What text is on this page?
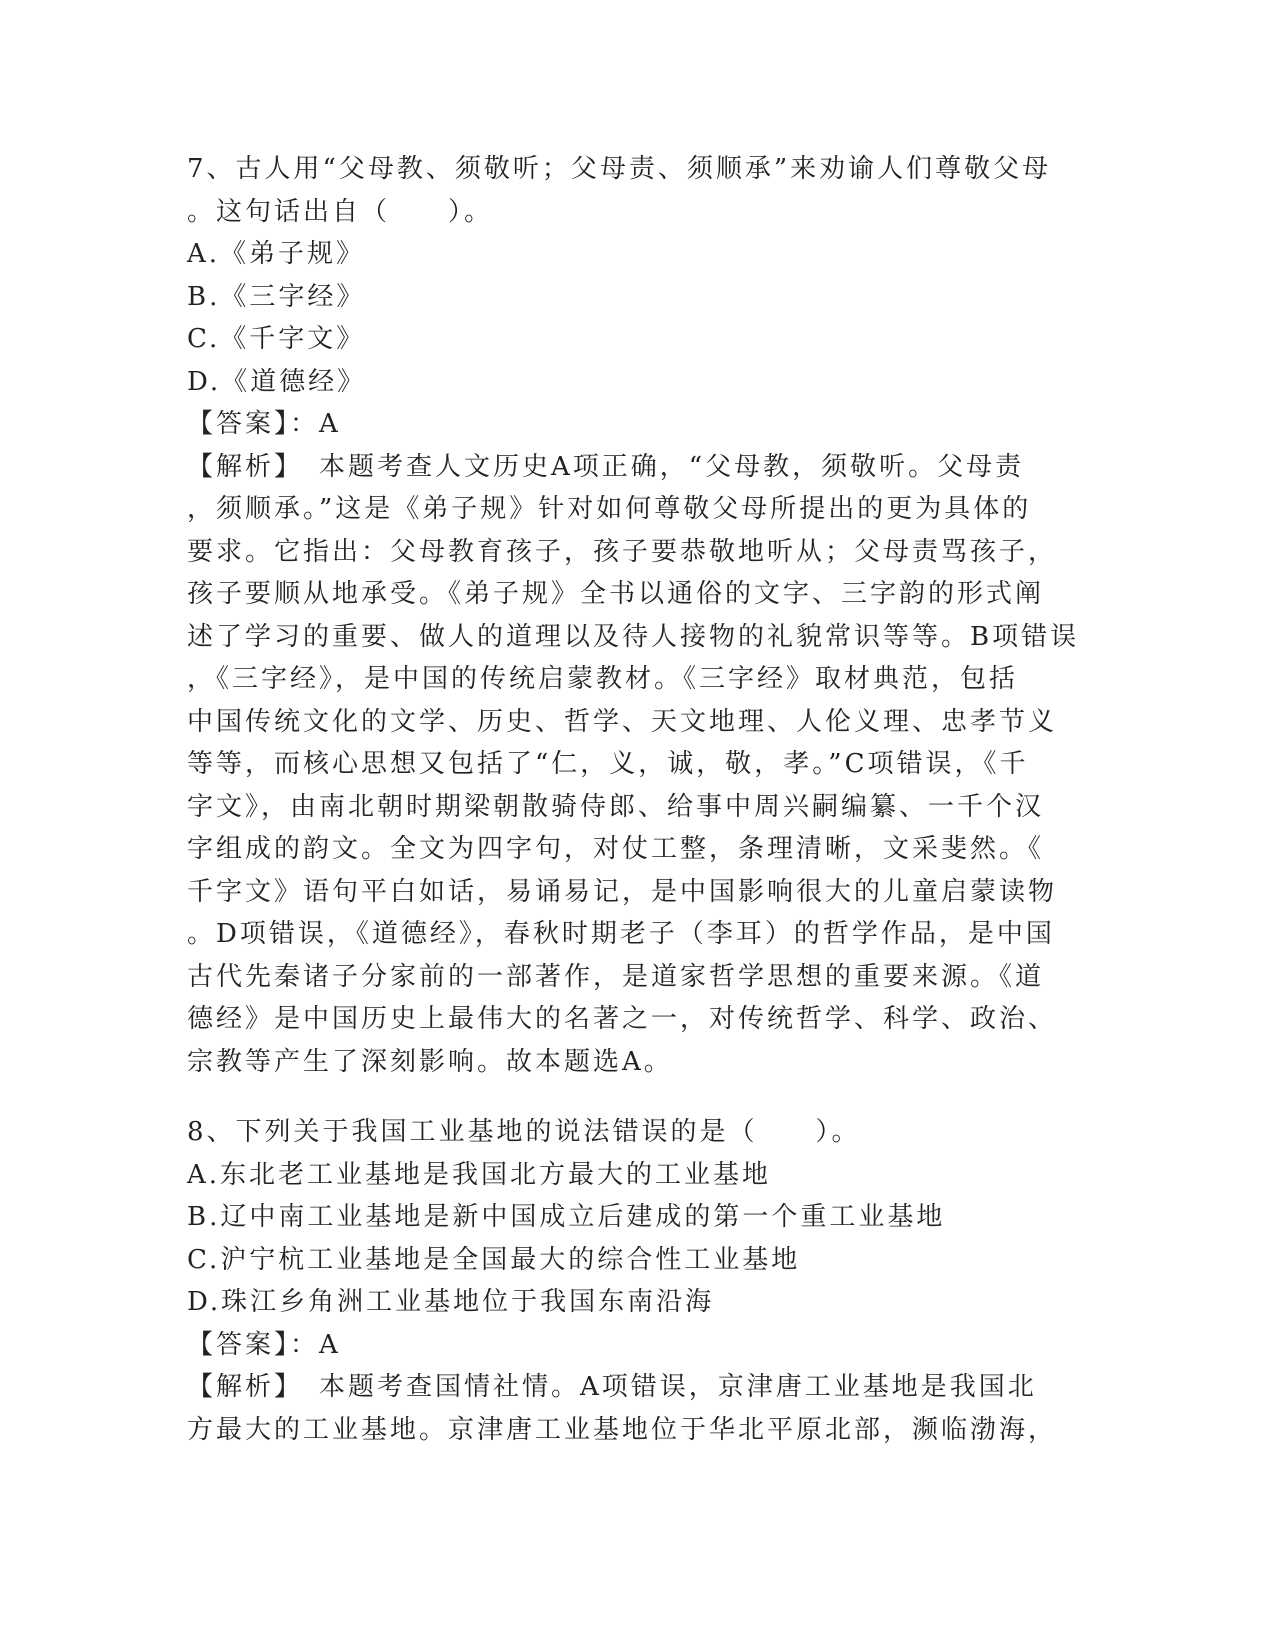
7、古人用“父母教、须敬听；父母责、须顺承”来劝谕人们尊敬父母
。这句话出自（　　）。
A.《弟子规》
B.《三字经》
C.《千字文》
D.《道德经》
【答案】：A
【解析】　本题考查人文历史A项正确，“父母教，须敬听。父母责
，须顺承。”这是《弟子规》针对如何尊敬父母所提出的更为具体的
要求。它指出：父母教育孩子，孩子要恭敬地听从；父母责骂孩子，
孩子要顺从地承受。《弟子规》全书以通俗的文字、三字韵的形式阐
述了学习的重要、做人的道理以及待人接物的礼貌常识等等。B项错误
，《三字经》，是中国的传统启蒙教材。《三字经》取材典范，包括
中国传统文化的文学、历史、哲学、天文地理、人伦义理、忠孝节义
等等，而核心思想又包括了“仁，义，诚，敬，孝。”C项错误，《千
字文》，由南北朝时期梁朝散骑侍郎、给事中周兴嗣编纂、一千个汉
字组成的韵文。全文为四字句，对仗工整，条理清晰，文采斐然。《
千字文》语句平白如话，易诵易记，是中国影响很大的儿童启蒙读物
。D项错误，《道德经》，春秋时期老子（李耳）的哲学作品，是中国
古代先秦诸子分家前的一部著作，是道家哲学思想的重要来源。《道
德经》是中国历史上最伟大的名著之一，对传统哲学、科学、政治、
宗教等产生了深刻影响。故本题选A。
8、下列关于我国工业基地的说法错误的是（　　）。
A.东北老工业基地是我国北方最大的工业基地
B.辽中南工业基地是新中国成立后建成的第一个重工业基地
C.沪宁杭工业基地是全国最大的综合性工业基地
D.珠江乡角洲工业基地位于我国东南沿海
【答案】：A
【解析】　本题考查国情社情。A项错误，京津唐工业基地是我国北
方最大的工业基地。京津唐工业基地位于华北平原北部，濒临渤海，
